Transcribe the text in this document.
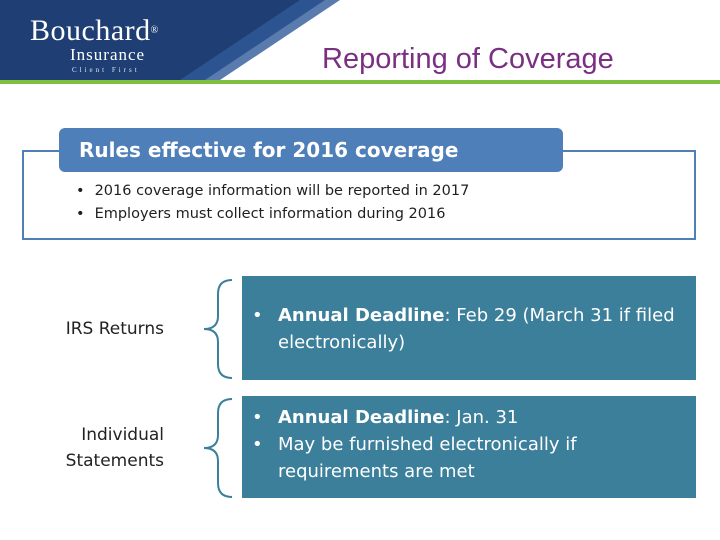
Bouchard®
Insurance
Client First	Reporting of Coverage
Rules effective for 2016 coverage
• 2016 coverage information will be reported in 2017
• Employers must collect information during 2016
IRS Returns
• Annual Deadline: Feb 29 (March 31 if filed electronically)
Individual
Statements
• Annual Deadline: Jan. 31
• May be furnished electronically if requirements are met
